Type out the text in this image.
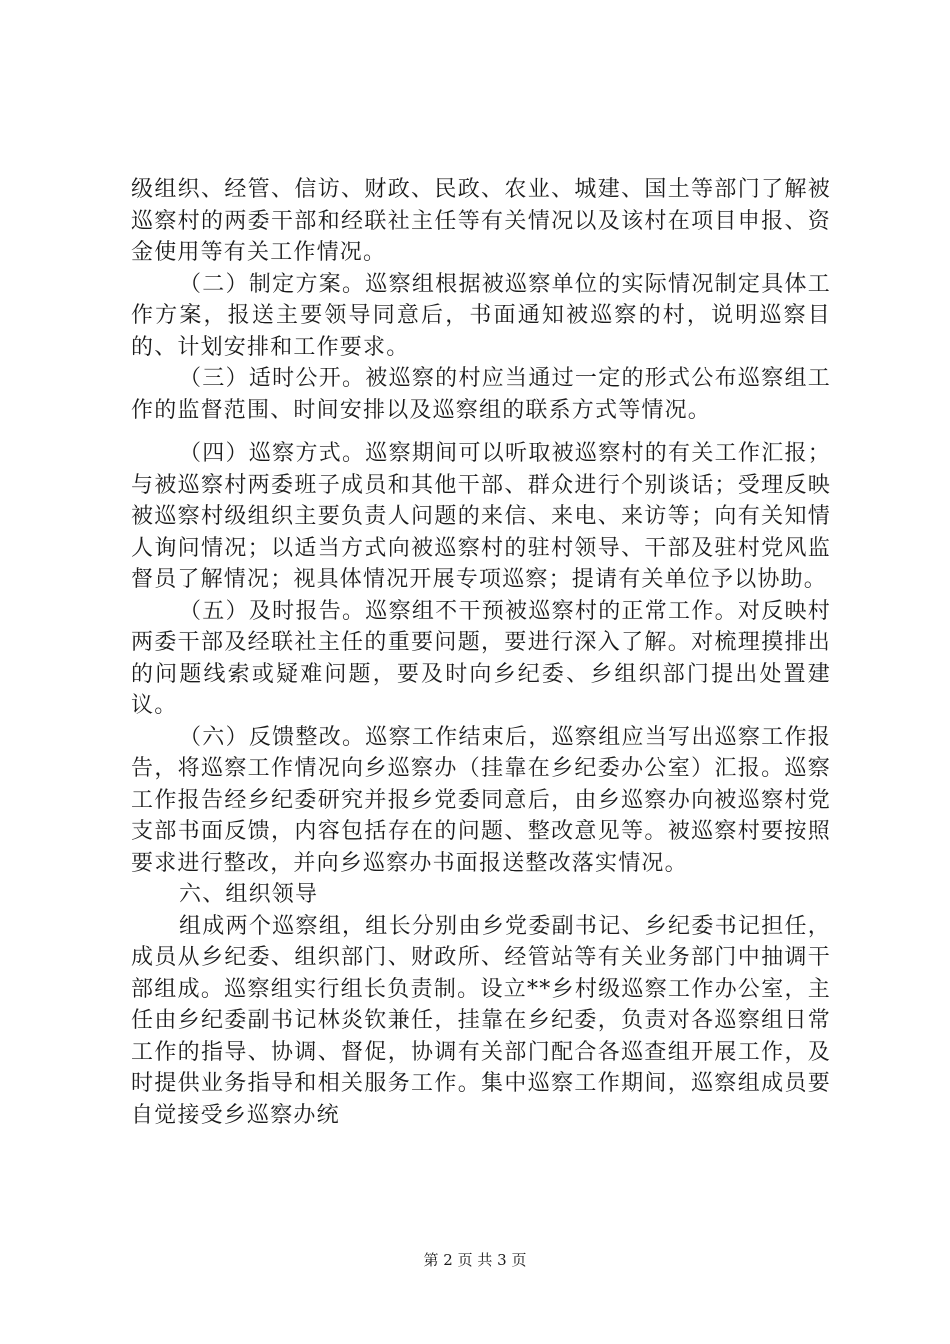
级组织、经管、信访、财政、民政、农业、城建、国土等部门了解被巡察村的两委干部和经联社主任等有关情况以及该村在项目申报、资金使用等有关工作情况。

（二）制定方案。巡察组根据被巡察单位的实际情况制定具体工作方案，报送主要领导同意后，书面通知被巡察的村，说明巡察目的、计划安排和工作要求。

（三）适时公开。被巡察的村应当通过一定的形式公布巡察组工作的监督范围、时间安排以及巡察组的联系方式等情况。

（四）巡察方式。巡察期间可以听取被巡察村的有关工作汇报；与被巡察村两委班子成员和其他干部、群众进行个别谈话；受理反映被巡察村级组织主要负责人问题的来信、来电、来访等；向有关知情人询问情况；以适当方式向被巡察村的驻村领导、干部及驻村党风监督员了解情况；视具体情况开展专项巡察；提请有关单位予以协助。

（五）及时报告。巡察组不干预被巡察村的正常工作。对反映村两委干部及经联社主任的重要问题，要进行深入了解。对梳理摸排出的问题线索或疑难问题，要及时向乡纪委、乡组织部门提出处置建议。

（六）反馈整改。巡察工作结束后，巡察组应当写出巡察工作报告，将巡察工作情况向乡巡察办（挂靠在乡纪委办公室）汇报。巡察工作报告经乡纪委研究并报乡党委同意后，由乡巡察办向被巡察村党支部书面反馈，内容包括存在的问题、整改意见等。被巡察村要按照要求进行整改，并向乡巡察办书面报送整改落实情况。

六、组织领导

组成两个巡察组，组长分别由乡党委副书记、乡纪委书记担任，成员从乡纪委、组织部门、财政所、经管站等有关业务部门中抽调干部组成。巡察组实行组长负责制。设立**乡村级巡察工作办公室，主任由乡纪委副书记林炎钦兼任，挂靠在乡纪委，负责对各巡察组日常工作的指导、协调、督促，协调有关部门配合各巡查组开展工作，及时提供业务指导和相关服务工作。集中巡察工作期间，巡察组成员要自觉接受乡巡察办统

第 2 页 共 3 页
